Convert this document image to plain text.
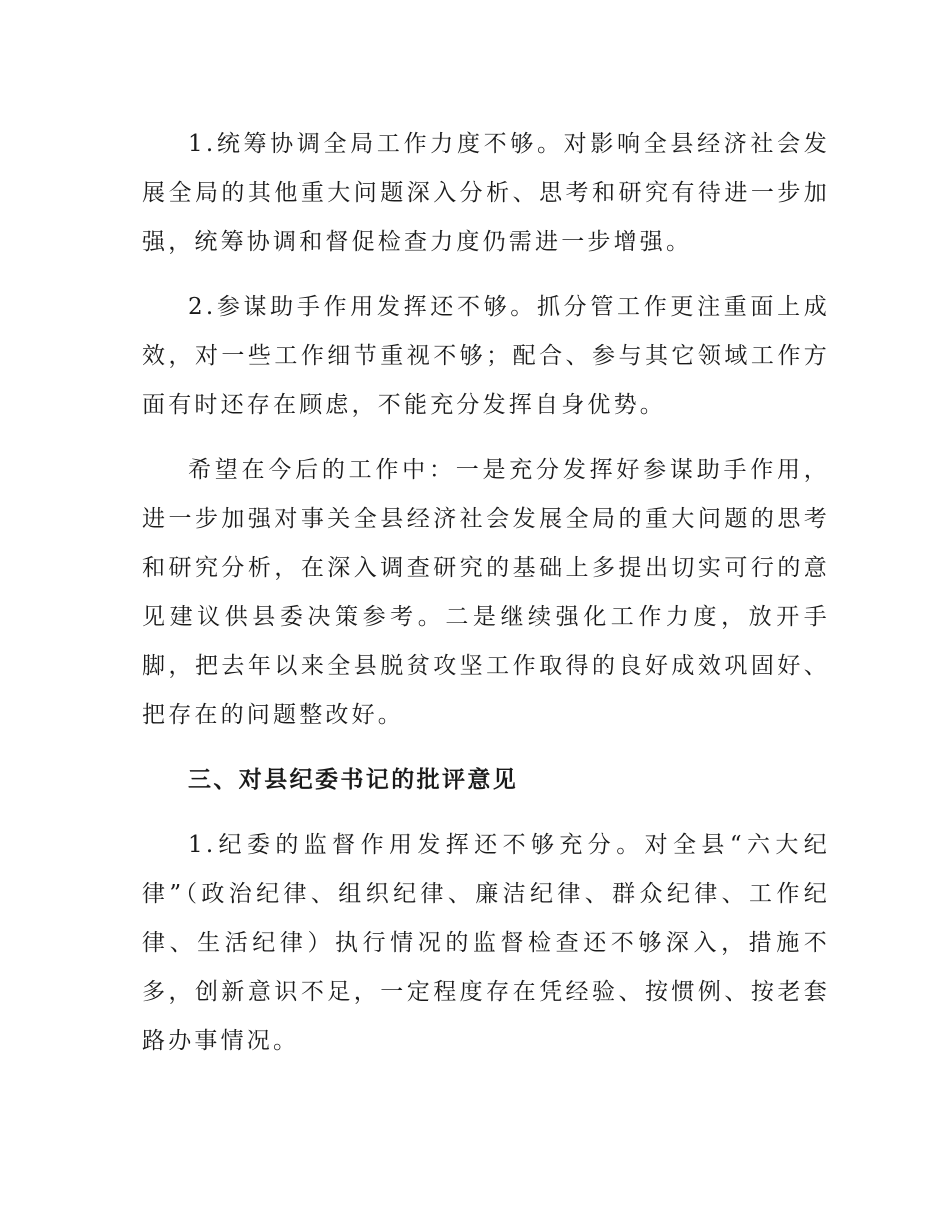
1.统筹协调全局工作力度不够。对影响全县经济社会发展全局的其他重大问题深入分析、思考和研究有待进一步加强，统筹协调和督促检查力度仍需进一步增强。

2.参谋助手作用发挥还不够。抓分管工作更注重面上成效，对一些工作细节重视不够；配合、参与其它领域工作方面有时还存在顾虑，不能充分发挥自身优势。

希望在今后的工作中：一是充分发挥好参谋助手作用，进一步加强对事关全县经济社会发展全局的重大问题的思考和研究分析，在深入调查研究的基础上多提出切实可行的意见建议供县委决策参考。二是继续强化工作力度，放开手脚，把去年以来全县脱贫攻坚工作取得的良好成效巩固好、把存在的问题整改好。

三、对县纪委书记的批评意见

1.纪委的监督作用发挥还不够充分。对全县“六大纪律”（政治纪律、组织纪律、廉洁纪律、群众纪律、工作纪律、生活纪律）执行情况的监督检查还不够深入，措施不多，创新意识不足，一定程度存在凭经验、按惯例、按老套路办事情况。
